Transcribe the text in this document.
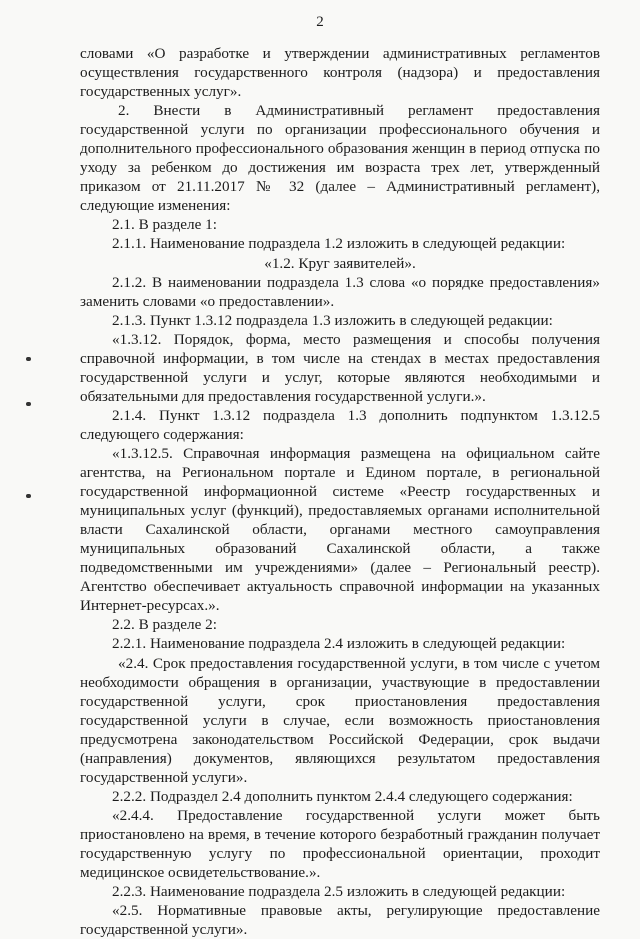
2

словами «О разработке и утверждении административных регламентов осуществления государственного контроля (надзора) и предоставления государственных услуг».

2. Внести в Административный регламент предоставления государственной услуги по организации профессионального обучения и дополнительного профессионального образования женщин в период отпуска по уходу за ребенком до достижения им возраста трех лет, утвержденный приказом от 21.11.2017 № 32 (далее – Административный регламент), следующие изменения:

2.1. В разделе 1:

2.1.1. Наименование подраздела 1.2 изложить в следующей редакции:

«1.2. Круг заявителей».

2.1.2. В наименовании подраздела 1.3 слова «о порядке предоставления» заменить словами «о предоставлении».

2.1.3. Пункт 1.3.12 подраздела 1.3 изложить в следующей редакции:

«1.3.12. Порядок, форма, место размещения и способы получения справочной информации, в том числе на стендах в местах предоставления государственной услуги и услуг, которые являются необходимыми и обязательными для предоставления государственной услуги.».

2.1.4. Пункт 1.3.12 подраздела 1.3 дополнить подпунктом 1.3.12.5 следующего содержания:

«1.3.12.5. Справочная информация размещена на официальном сайте агентства, на Региональном портале и Едином портале, в региональной государственной информационной системе «Реестр государственных и муниципальных услуг (функций), предоставляемых органами исполнительной власти Сахалинской области, органами местного самоуправления муниципальных образований Сахалинской области, а также подведомственными им учреждениями» (далее – Региональный реестр). Агентство обеспечивает актуальность справочной информации на указанных Интернет-ресурсах.».

2.2. В разделе 2:

2.2.1. Наименование подраздела 2.4 изложить в следующей редакции:

«2.4. Срок предоставления государственной услуги, в том числе с учетом необходимости обращения в организации, участвующие в предоставлении государственной услуги, срок приостановления предоставления государственной услуги в случае, если возможность приостановления предусмотрена законодательством Российской Федерации, срок выдачи (направления) документов, являющихся результатом предоставления государственной услуги».

2.2.2. Подраздел 2.4 дополнить пунктом 2.4.4 следующего содержания:

«2.4.4. Предоставление государственной услуги может быть приостановлено на время, в течение которого безработный гражданин получает государственную услугу по профессиональной ориентации, проходит медицинское освидетельствование.».

2.2.3. Наименование подраздела 2.5 изложить в следующей редакции:

«2.5. Нормативные правовые акты, регулирующие предоставление государственной услуги».
